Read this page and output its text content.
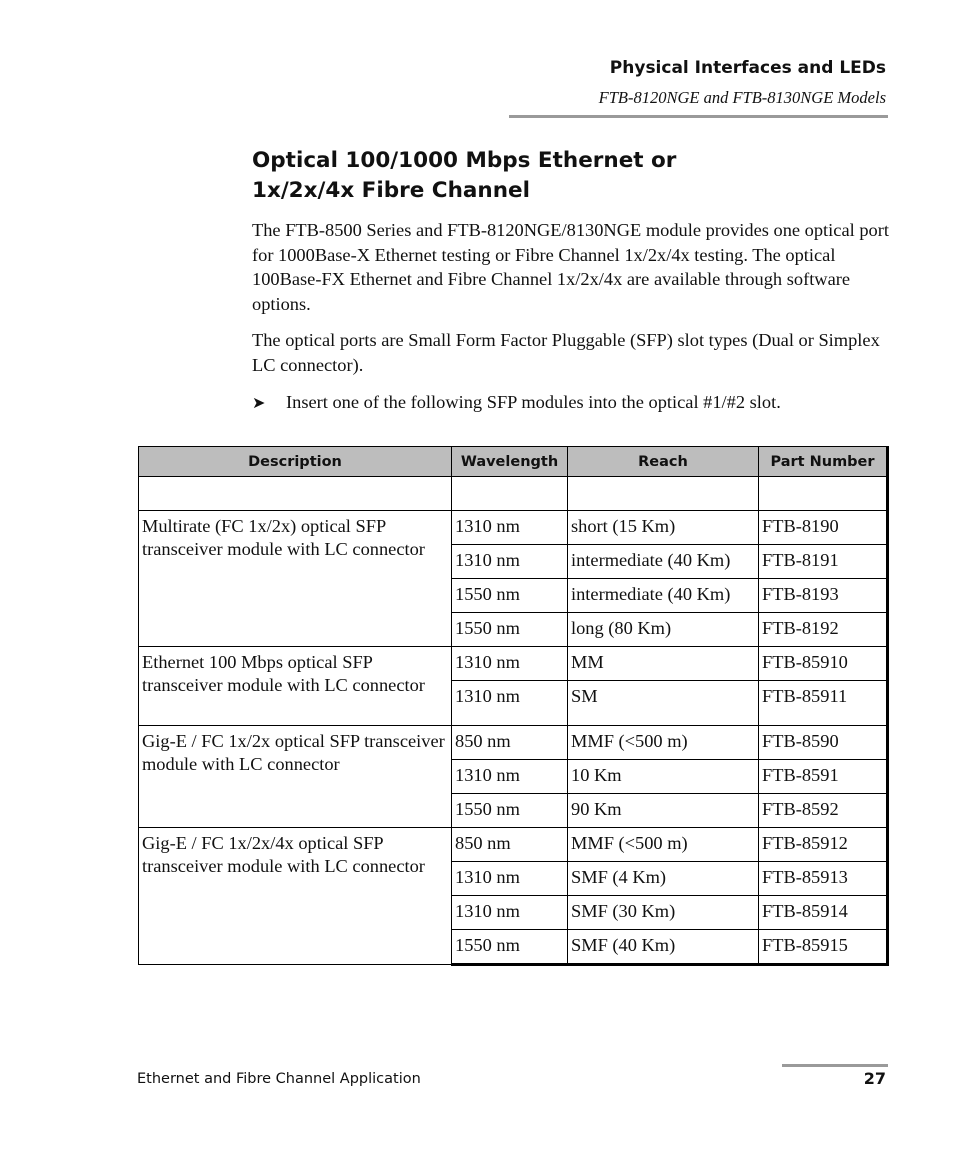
Physical Interfaces and LEDs
FTB-8120NGE and FTB-8130NGE Models
Optical 100/1000 Mbps Ethernet or
1x/2x/4x Fibre Channel

The FTB-8500 Series and FTB-8120NGE/8130NGE module provides one optical port for 1000Base-X Ethernet testing or Fibre Channel 1x/2x/4x testing. The optical 100Base-FX Ethernet and Fibre Channel 1x/2x/4x are available through software options.

The optical ports are Small Form Factor Pluggable (SFP) slot types (Dual or Simplex LC connector).

➤ Insert one of the following SFP modules into the optical #1/#2 slot.
Description	Wavelength	Reach	Part Number

Multirate (FC 1x/2x) optical SFP transceiver module with LC connector	1310 nm	short (15 Km)	FTB-8190
	1310 nm	intermediate (40 Km)	FTB-8191
	1550 nm	intermediate (40 Km)	FTB-8193
	1550 nm	long (80 Km)	FTB-8192
Ethernet 100 Mbps optical SFP transceiver module with LC connector	1310 nm	MM	FTB-85910
	1310 nm	SM	FTB-85911
Gig-E / FC 1x/2x optical SFP transceiver module with LC connector	850 nm	MMF (<500 m)	FTB-8590
	1310 nm	10 Km	FTB-8591
	1550 nm	90 Km	FTB-8592
Gig-E / FC 1x/2x/4x optical SFP transceiver module with LC connector	850 nm	MMF (<500 m)	FTB-85912
	1310 nm	SMF (4 Km)	FTB-85913
	1310 nm	SMF (30 Km)	FTB-85914
	1550 nm	SMF (40 Km)	FTB-85915
Ethernet and Fibre Channel Application	27
